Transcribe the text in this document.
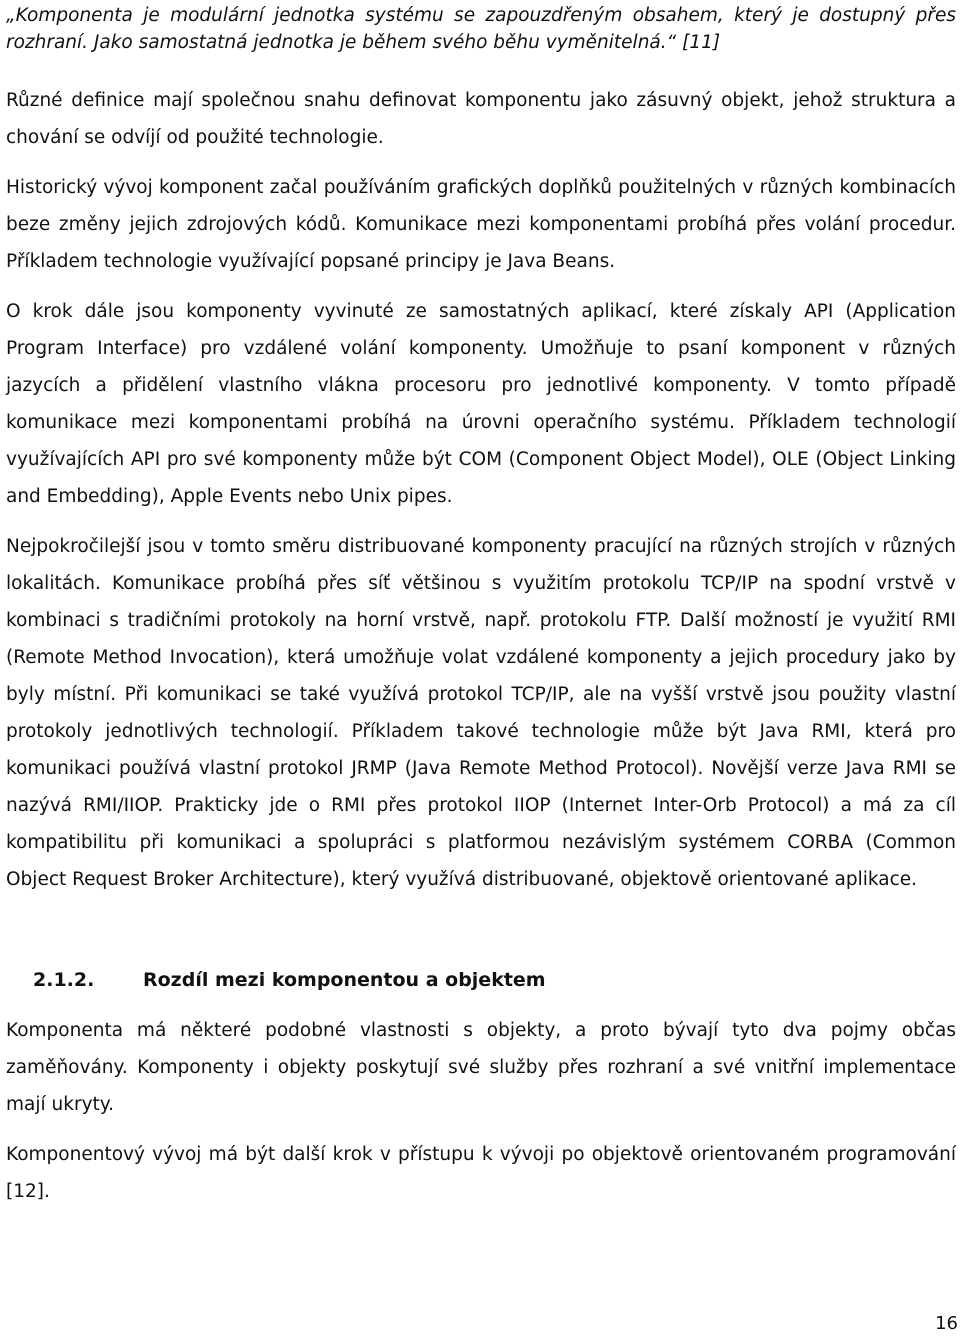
„Komponenta je modulární jednotka systému se zapouzdřeným obsahem, který je dostupný přes rozhraní. Jako samostatná jednotka je během svého běhu vyměnitelná.“ [11]

Různé definice mají společnou snahu definovat komponentu jako zásuvný objekt, jehož struktura a chování se odvíjí od použité technologie.

Historický vývoj komponent začal používáním grafických doplňků použitelných v různých kombinacích beze změny jejich zdrojových kódů. Komunikace mezi komponentami probíhá přes volání procedur. Příkladem technologie využívající popsané principy je Java Beans.

O krok dále jsou komponenty vyvinuté ze samostatných aplikací, které získaly API (Application Program Interface) pro vzdálené volání komponenty. Umožňuje to psaní komponent v různých jazycích a přidělení vlastního vlákna procesoru pro jednotlivé komponenty. V tomto případě komunikace mezi komponentami probíhá na úrovni operačního systému. Příkladem technologií využívajících API pro své komponenty může být COM (Component Object Model), OLE (Object Linking and Embedding), Apple Events nebo Unix pipes.

Nejpokročilejší jsou v tomto směru distribuované komponenty pracující na různých strojích v různých lokalitách. Komunikace probíhá přes síť většinou s využitím protokolu TCP/IP na spodní vrstvě v kombinaci s tradičními protokoly na horní vrstvě, např. protokolu FTP. Další možností je využití RMI (Remote Method Invocation), která umožňuje volat vzdálené komponenty a jejich procedury jako by byly místní. Při komunikaci se také využívá protokol TCP/IP, ale na vyšší vrstvě jsou použity vlastní protokoly jednotlivých technologií. Příkladem takové technologie může být Java RMI, která pro komunikaci používá vlastní protokol JRMP (Java Remote Method Protocol). Novější verze Java RMI se nazývá RMI/IIOP. Prakticky jde o RMI přes protokol IIOP (Internet Inter-Orb Protocol) a má za cíl kompatibilitu při komunikaci a spolupráci s platformou nezávislým systémem CORBA (Common Object Request Broker Architecture), který využívá distribuované, objektově orientované aplikace.

2.1.2.	Rozdíl mezi komponentou a objektem

Komponenta má některé podobné vlastnosti s objekty, a proto bývají tyto dva pojmy občas zaměňovány. Komponenty i objekty poskytují své služby přes rozhraní a své vnitřní implementace mají ukryty.

Komponentový vývoj má být další krok v přístupu k vývoji po objektově orientovaném programování [12].

16
